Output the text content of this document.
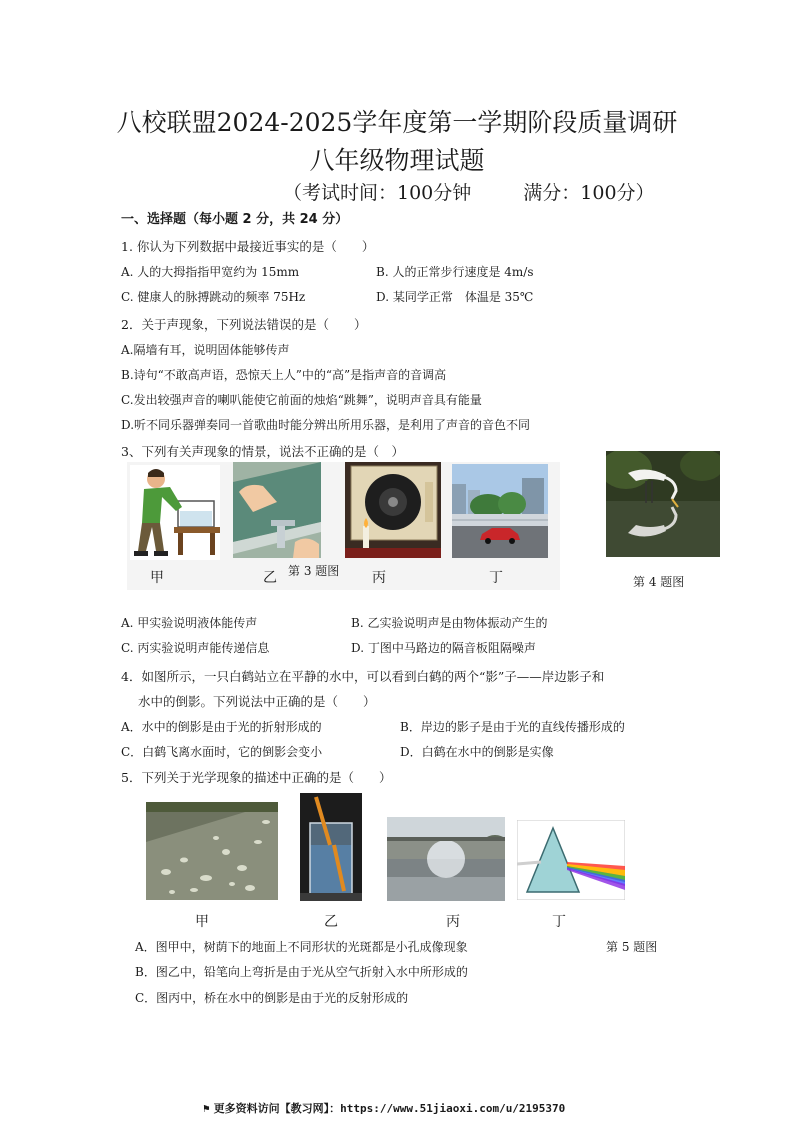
八校联盟2024-2025学年度第一学期阶段质量调研
八年级物理试题
（考试时间：100分钟	满分：100分）
一、选择题（每小题 2 分，共 24 分）
1. 你认为下列数据中最接近事实的是（　　）
A. 人的大拇指指甲宽约为 15mm	B. 人的正常步行速度是 4m/s
C. 健康人的脉搏跳动的频率 75Hz	D. 某同学正常　体温是 35℃
2．关于声现象，下列说法错误的是（　　）
A.隔墙有耳，说明固体能够传声
B.诗句“不敢高声语，恐惊天上人”中的“高”是指声音的音调高
C.发出较强声音的喇叭能使它前面的烛焰“跳舞”，说明声音具有能量
D.听不同乐器弹奏同一首歌曲时能分辨出所用乐器，是利用了声音的音色不同
3、下列有关声现象的情景，说法不正确的是（　）
甲	乙 第 3 题图 丙	丁	第 4 题图
A. 甲实验说明液体能传声	B. 乙实验说明声是由物体振动产生的
C. 丙实验说明声能传递信息	D. 丁图中马路边的隔音板阻隔噪声
4．如图所示，一只白鹤站立在平静的水中，可以看到白鹤的两个“影”子——岸边影子和
水中的倒影。下列说法中正确的是（　　）
A．水中的倒影是由于光的折射形成的	B．岸边的影子是由于光的直线传播形成的
C．白鹤飞离水面时，它的倒影会变小	D．白鹤在水中的倒影是实像
5．下列关于光学现象的描述中正确的是（　　）
甲	乙	丙	丁
A．图甲中，树荫下的地面上不同形状的光斑都是小孔成像现象	第 5 题图
B．图乙中，铅笔向上弯折是由于光从空气折射入水中所形成的
C．图丙中，桥在水中的倒影是由于光的反射形成的
⚑ 更多资料访问【教习网】：https://www.51jiaoxi.com/u/2195370
